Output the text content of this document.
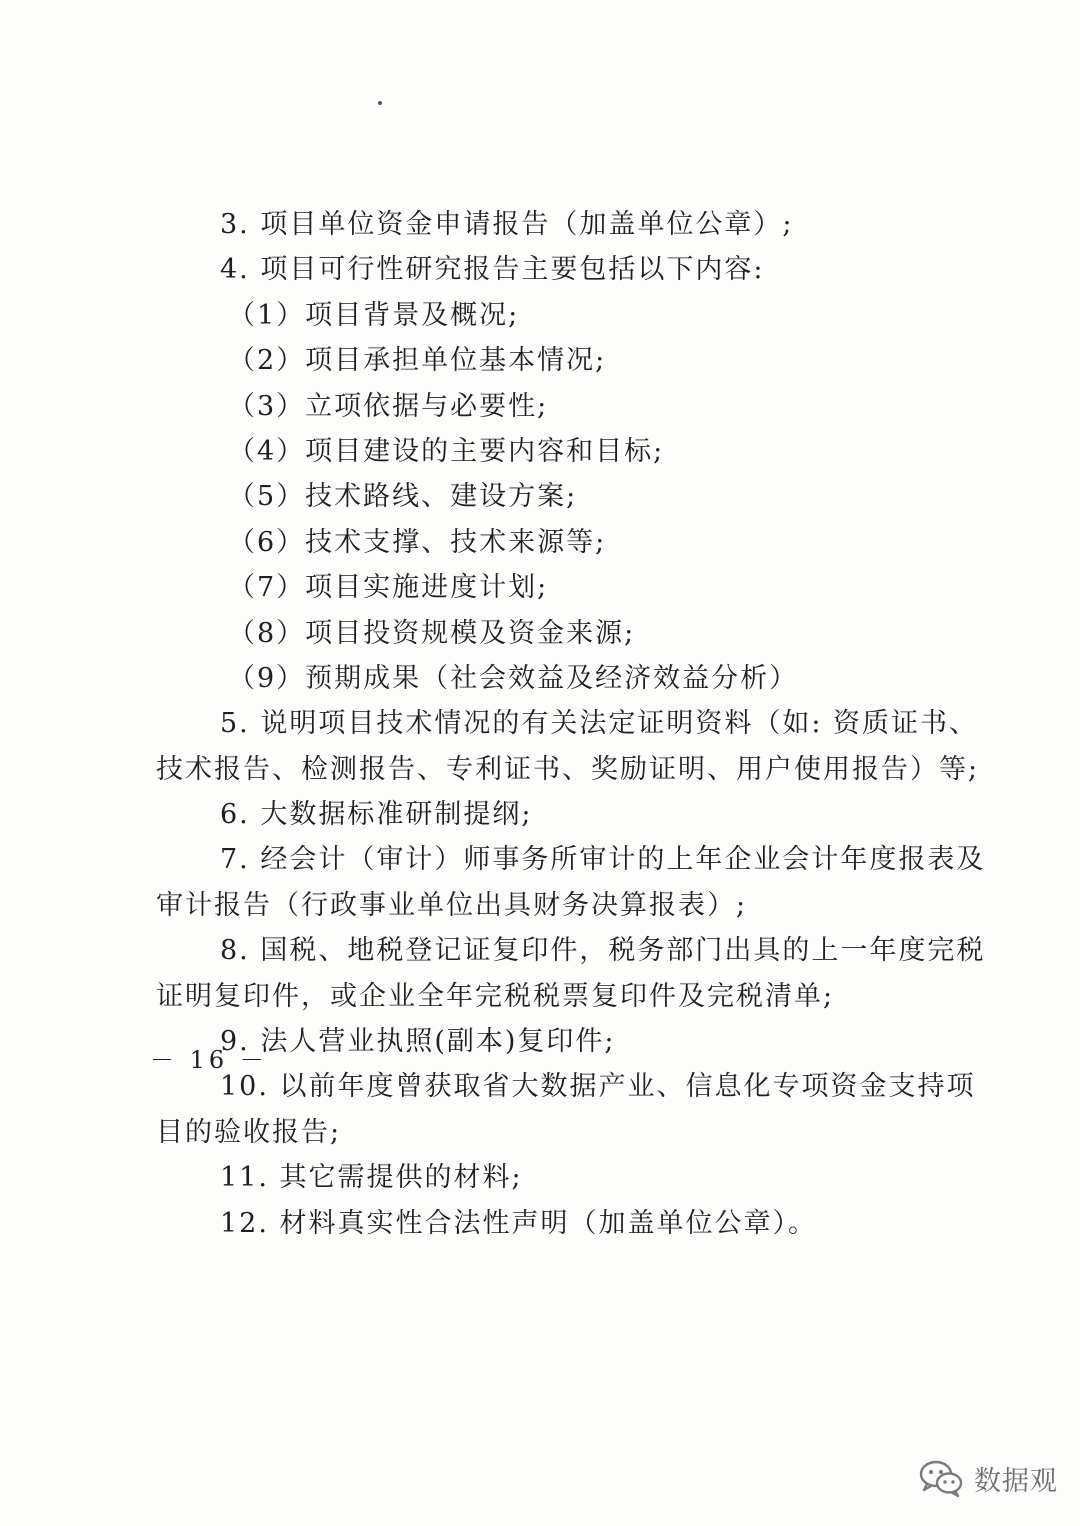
3. 项目单位资金申请报告（加盖单位公章）;
4. 项目可行性研究报告主要包括以下内容:
（1）项目背景及概况;
（2）项目承担单位基本情况;
（3）立项依据与必要性;
（4）项目建设的主要内容和目标;
（5）技术路线、建设方案;
（6）技术支撑、技术来源等;
（7）项目实施进度计划;
（8）项目投资规模及资金来源;
（9）预期成果（社会效益及经济效益分析）
5. 说明项目技术情况的有关法定证明资料（如: 资质证书、
技术报告、检测报告、专利证书、奖励证明、用户使用报告）等;
6. 大数据标准研制提纲;
7. 经会计（审计）师事务所审计的上年企业会计年度报表及
审计报告（行政事业单位出具财务决算报表）;
8. 国税、地税登记证复印件，税务部门出具的上一年度完税
证明复印件，或企业全年完税税票复印件及完税清单;
9. 法人营业执照(副本)复印件;
10. 以前年度曾获取省大数据产业、信息化专项资金支持项
目的验收报告;
11. 其它需提供的材料;
12. 材料真实性合法性声明（加盖单位公章）。
－ 16 －
数据观
